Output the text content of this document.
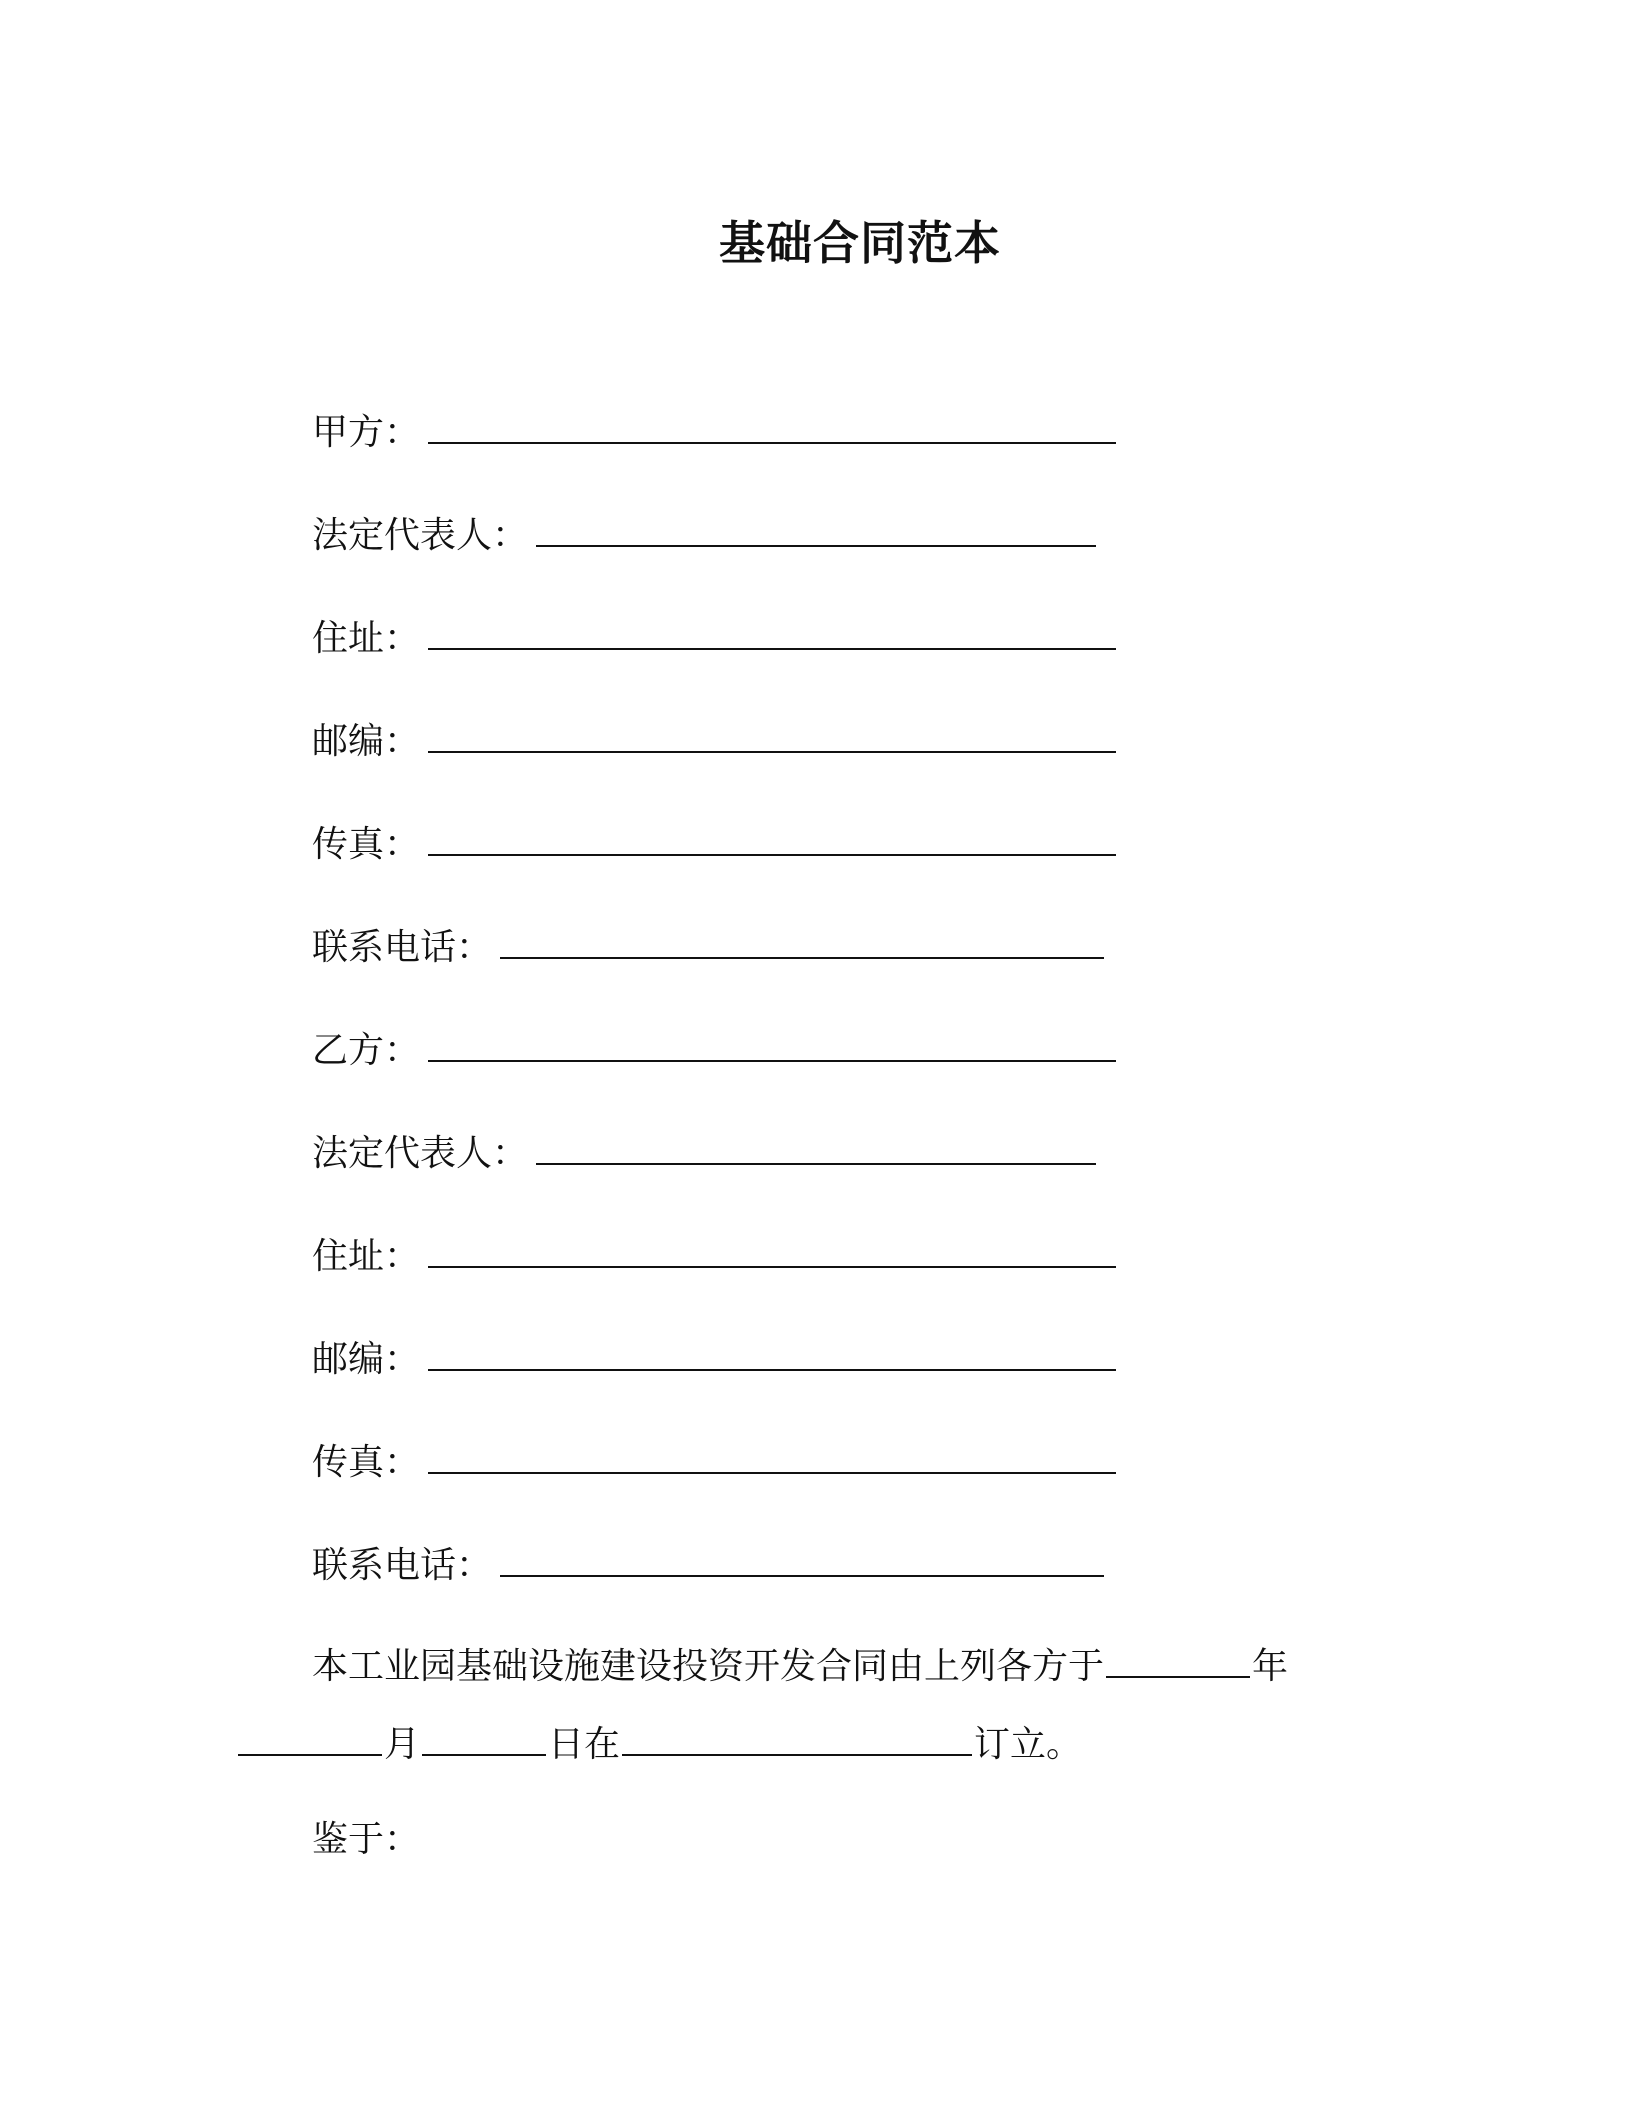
基础合同范本
甲方：
法定代表人：
住址：
邮编：
传真：
联系电话：
乙方：
法定代表人：
住址：
邮编：
传真：
联系电话：
本工业园基础设施建设投资开发合同由上列各方于	年
月	日在	订立。
鉴于：
